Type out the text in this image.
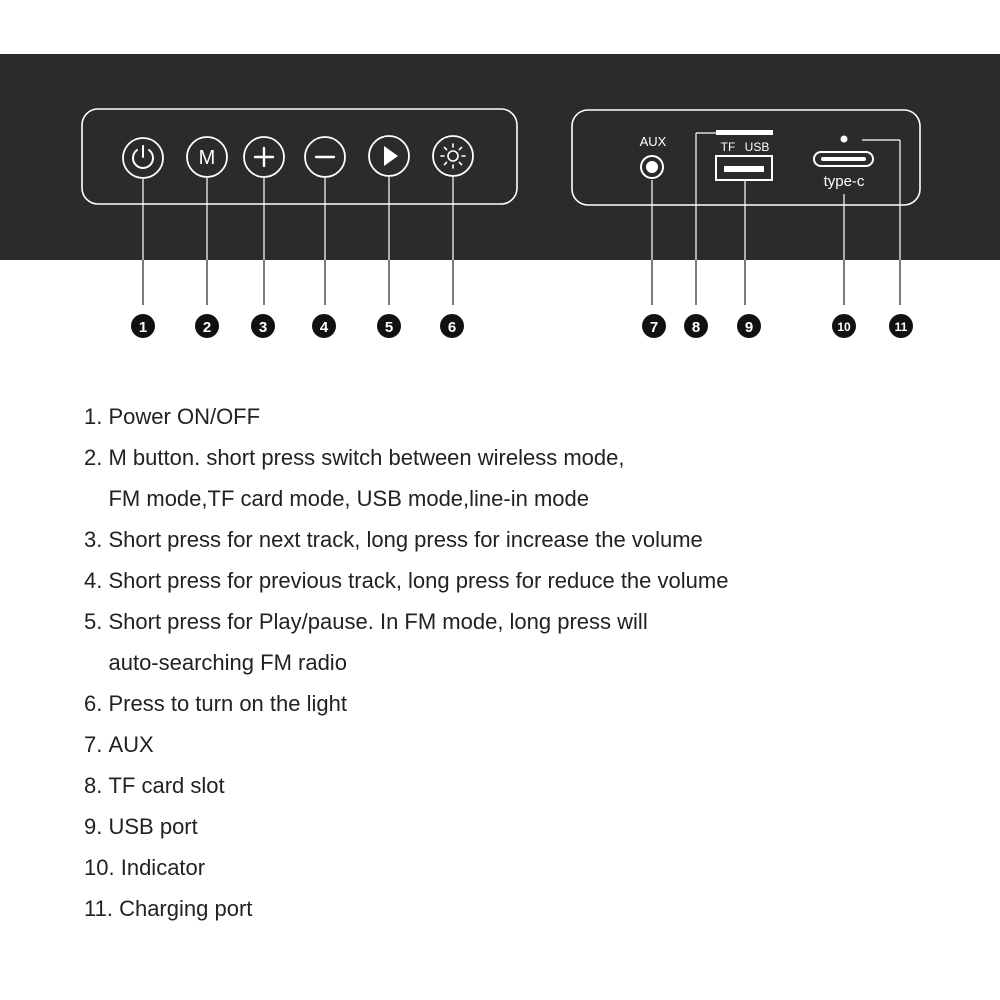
M
AUX	TF USB
type-c
1	2	3	4	5	6	7 8	9	10	11
1.
Power ON/OFF
2.
M button. short press switch between wireless mode,
FM mode,TF card mode, USB mode,line-in mode
3.
Short press for next track, long press for increase the volume
4.
Short press for previous track, long press for reduce the volume
5.
Short press for Play/pause. In FM mode, long press will
auto-searching FM radio
6.
Press to turn on the light
7.
AUX
8.
TF card slot
9.
USB port
10.
Indicator
11.
Charging port
